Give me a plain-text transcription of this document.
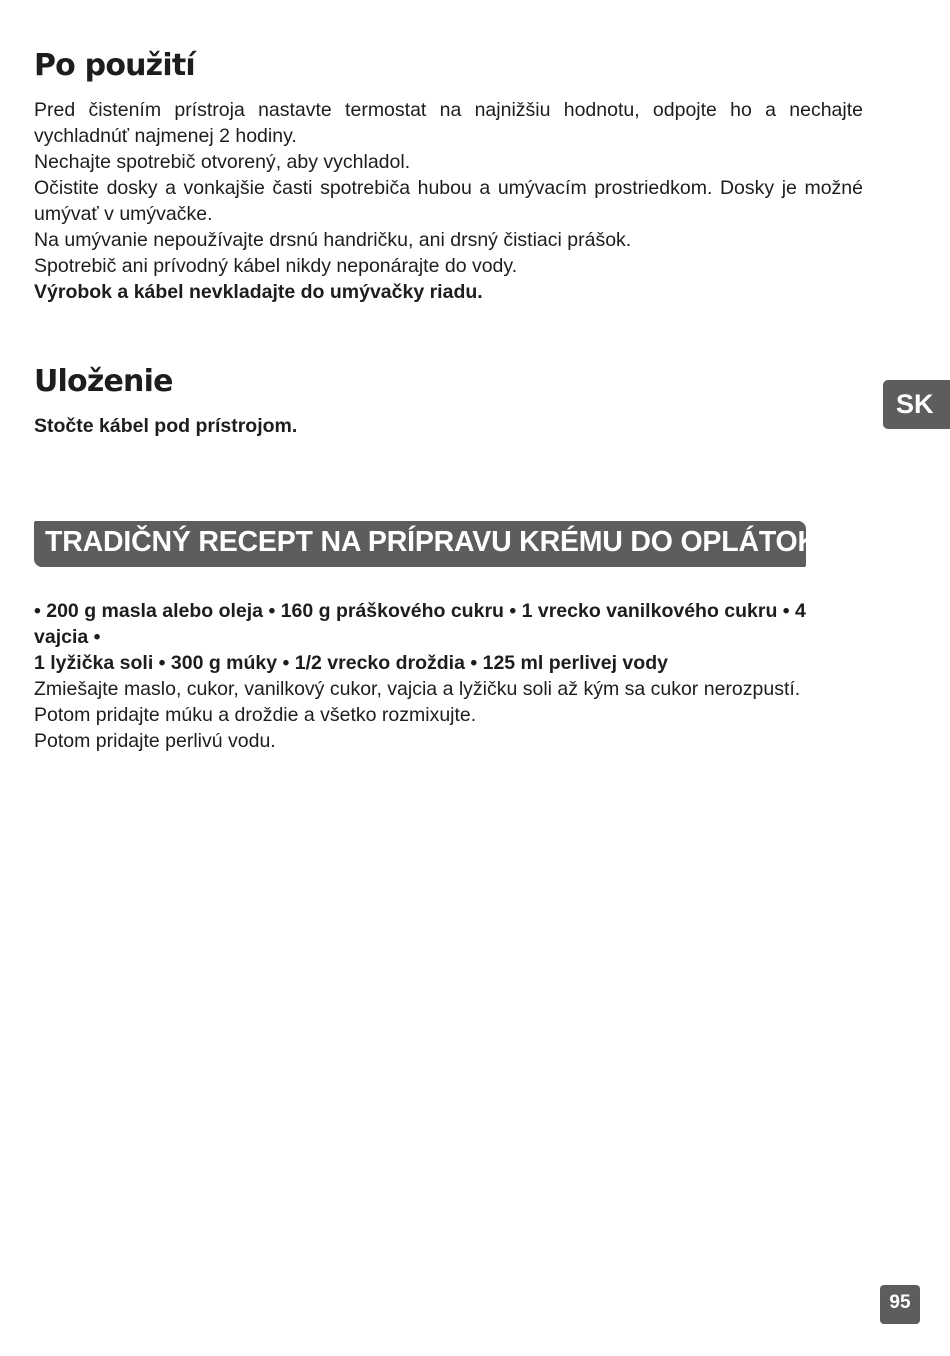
Po použití

Pred čistením prístroja nastavte termostat na najnižšiu hodnotu, odpojte ho a nechajte vychladnúť najmenej 2 hodiny.

Nechajte spotrebič otvorený, aby vychladol.

Očistite dosky a vonkajšie časti spotrebiča hubou a umývacím prostriedkom. Dosky je možné umývať v umývačke.

Na umývanie nepoužívajte drsnú handričku, ani drsný čistiaci prášok.

Spotrebič ani prívodný kábel nikdy neponárajte do vody.

Výrobok a kábel nevkladajte do umývačky riadu.

Uloženie

Stočte kábel pod prístrojom.

SK
TRADIČNÝ RECEPT NA PRÍPRAVU KRÉMU DO OPLÁTOK

• 200 g masla alebo oleja • 160 g práškového cukru • 1 vrecko vanilkového cukru • 4 vajcia •

1 lyžička soli • 300 g múky • 1/2 vrecko droždia • 125 ml perlivej vody

Zmiešajte maslo, cukor, vanilkový cukor, vajcia a lyžičku soli až kým sa cukor nerozpustí.

Potom pridajte múku a droždie a všetko rozmixujte.

Potom pridajte perlivú vodu.

95
